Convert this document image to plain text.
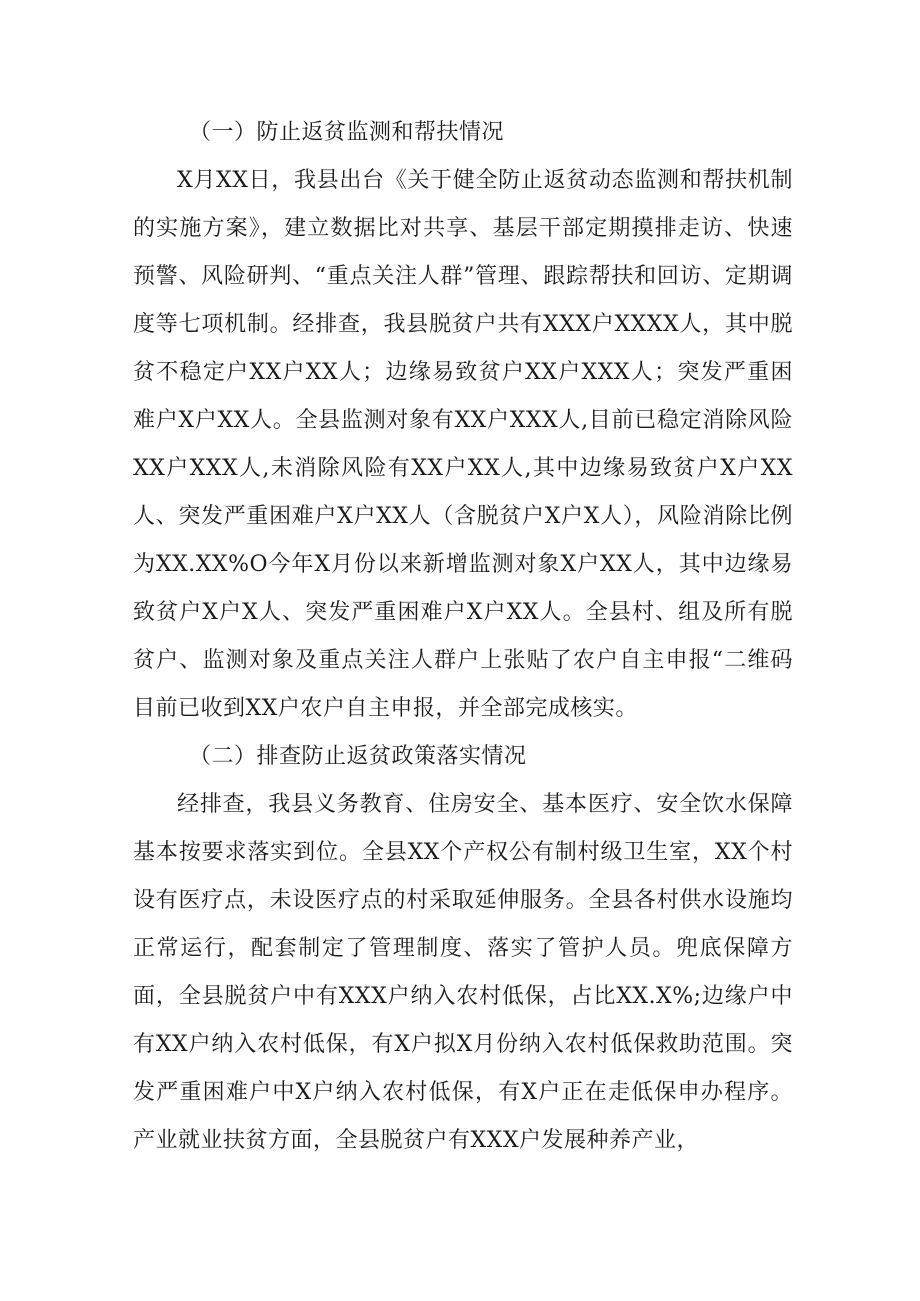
（一）防止返贫监测和帮扶情况

X月XX日，我县出台《关于健全防止返贫动态监测和帮扶机制的实施方案》，建立数据比对共享、基层干部定期摸排走访、快速预警、风险研判、“重点关注人群”管理、跟踪帮扶和回访、定期调度等七项机制。经排查，我县脱贫户共有XXX户XXXX人，其中脱贫不稳定户XX户XX人；边缘易致贫户XX户XXX人；突发严重困难户X户XX人。全县监测对象有XX户XXX人,目前已稳定消除风险XX户XXX人,未消除风险有XX户XX人,其中边缘易致贫户X户XX人、突发严重困难户X户XX人（含脱贫户X户X人），风险消除比例为XX.XX%O今年X月份以来新增监测对象X户XX人，其中边缘易致贫户X户X人、突发严重困难户X户XX人。全县村、组及所有脱贫户、监测对象及重点关注人群户上张贴了农户自主申报“二维码目前已收到XX户农户自主申报，并全部完成核实。

（二）排查防止返贫政策落实情况

经排查，我县义务教育、住房安全、基本医疗、安全饮水保障基本按要求落实到位。全县XX个产权公有制村级卫生室，XX个村设有医疗点，未设医疗点的村采取延伸服务。全县各村供水设施均正常运行，配套制定了管理制度、落实了管护人员。兜底保障方面，全县脱贫户中有XXX户纳入农村低保，占比XX.X%;边缘户中有XX户纳入农村低保，有X户拟X月份纳入农村低保救助范围。突发严重困难户中X户纳入农村低保，有X户正在走低保申办程序。产业就业扶贫方面，全县脱贫户有XXX户发展种养产业，
